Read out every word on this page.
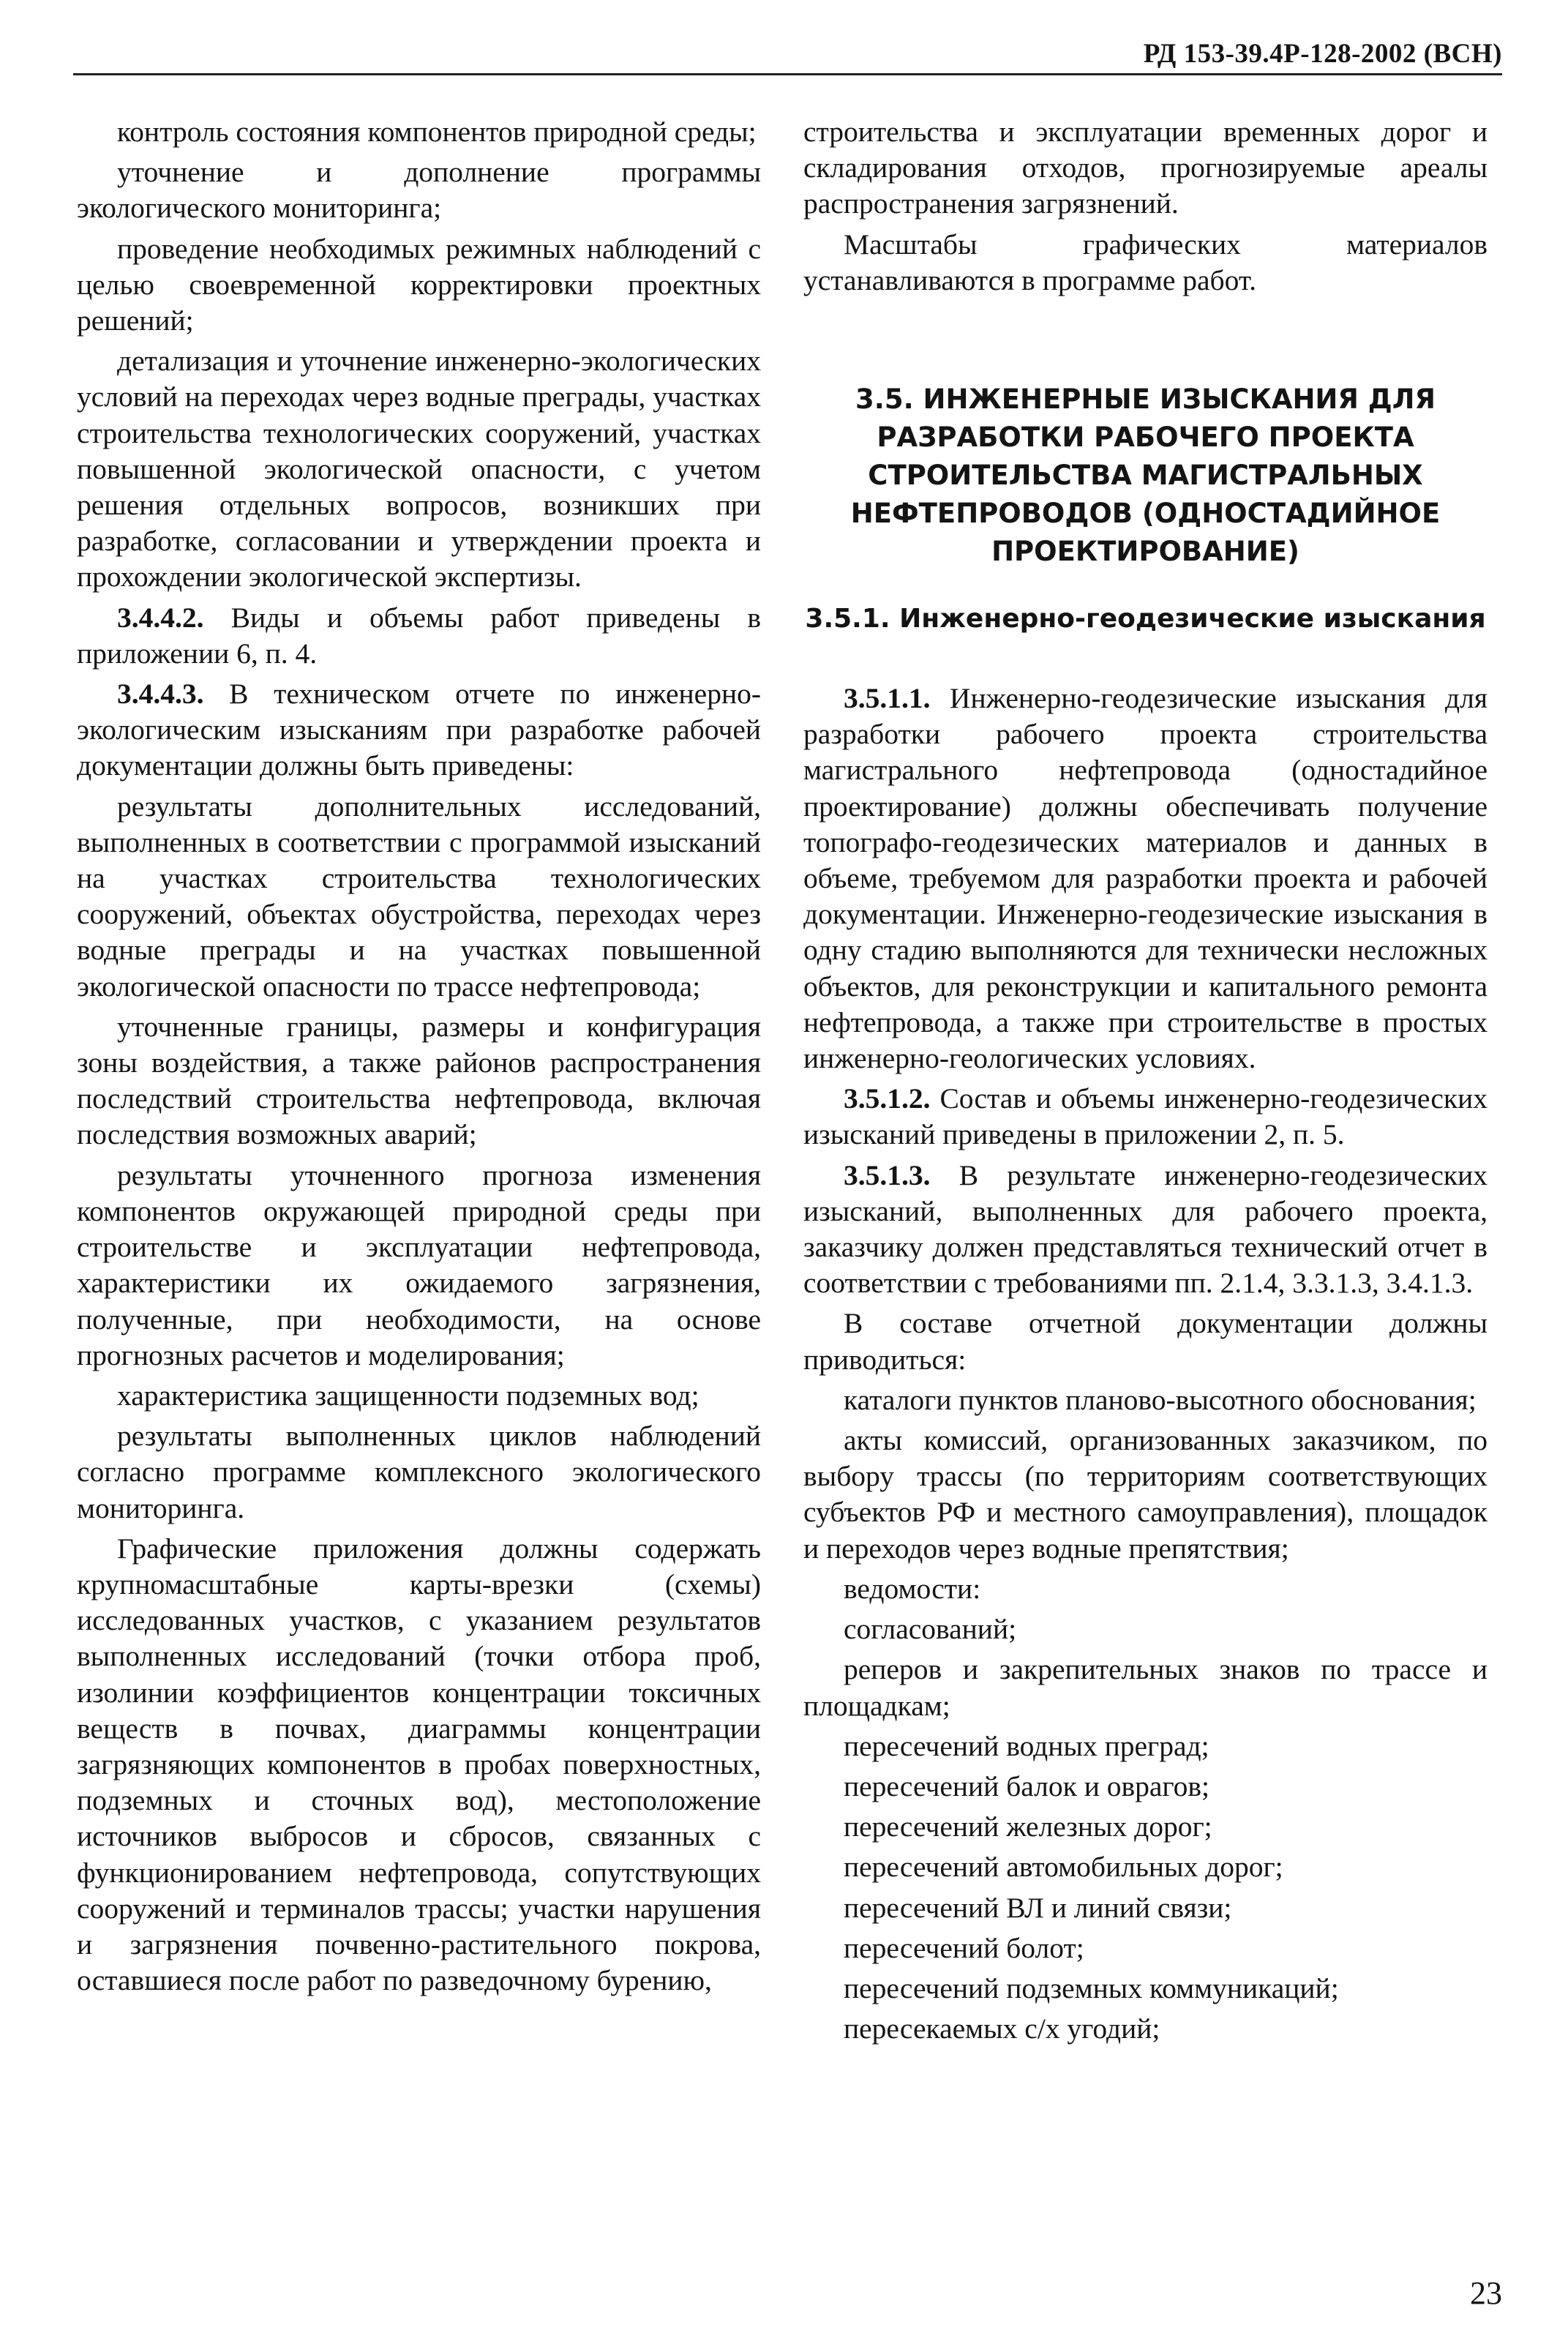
РД 153-39.4Р-128-2002 (ВСН)

контроль состояния компонентов природной среды;

уточнение и дополнение программы экологического мониторинга;

проведение необходимых режимных наблюдений с целью своевременной корректировки проектных решений;

детализация и уточнение инженерно-экологических условий на переходах через водные преграды, участках строительства технологических сооружений, участках повышенной экологической опасности, с учетом решения отдельных вопросов, возникших при разработке, согласовании и утверждении проекта и прохождении экологической экспертизы.

3.4.4.2. Виды и объемы работ приведены в приложении 6, п. 4.

3.4.4.3. В техническом отчете по инженерно-экологическим изысканиям при разработке рабочей документации должны быть приведены:

результаты дополнительных исследований, выполненных в соответствии с программой изысканий на участках строительства технологических сооружений, объектах обустройства, переходах через водные преграды и на участках повышенной экологической опасности по трассе нефтепровода;

уточненные границы, размеры и конфигурация зоны воздействия, а также районов распространения последствий строительства нефтепровода, включая последствия возможных аварий;

результаты уточненного прогноза изменения компонентов окружающей природной среды при строительстве и эксплуатации нефтепровода, характеристики их ожидаемого загрязнения, полученные, при необходимости, на основе прогнозных расчетов и моделирования;

характеристика защищенности подземных вод;

результаты выполненных циклов наблюдений согласно программе комплексного экологического мониторинга.

Графические приложения должны содержать крупномасштабные карты-врезки (схемы) исследованных участков, с указанием результатов выполненных исследований (точки отбора проб, изолинии коэффициентов концентрации токсичных веществ в почвах, диаграммы концентрации загрязняющих компонентов в пробах поверхностных, подземных и сточных вод), местоположение источников выбросов и сбросов, связанных с функционированием нефтепровода, сопутствующих сооружений и терминалов трассы; участки нарушения и загрязнения почвенно-растительного покрова, оставшиеся после работ по разведочному бурению,

строительства и эксплуатации временных дорог и складирования отходов, прогнозируемые ареалы распространения загрязнений.

Масштабы графических материалов устанавливаются в программе работ.

3.5. ИНЖЕНЕРНЫЕ ИЗЫСКАНИЯ ДЛЯ РАЗРАБОТКИ РАБОЧЕГО ПРОЕКТА СТРОИТЕЛЬСТВА МАГИСТРАЛЬНЫХ НЕФТЕПРОВОДОВ (ОДНОСТАДИЙНОЕ ПРОЕКТИРОВАНИЕ)
3.5.1. Инженерно-геодезические изыскания

3.5.1.1. Инженерно-геодезические изыскания для разработки рабочего проекта строительства магистрального нефтепровода (одностадийное проектирование) должны обеспечивать получение топографо-геодезических материалов и данных в объеме, требуемом для разработки проекта и рабочей документации. Инженерно-геодезические изыскания в одну стадию выполняются для технически несложных объектов, для реконструкции и капитального ремонта нефтепровода, а также при строительстве в простых инженерно-геологических условиях.

3.5.1.2. Состав и объемы инженерно-геодезических изысканий приведены в приложении 2, п. 5.

3.5.1.3. В результате инженерно-геодезических изысканий, выполненных для рабочего проекта, заказчику должен представляться технический отчет в соответствии с требованиями пп. 2.1.4, 3.3.1.3, 3.4.1.3.

В составе отчетной документации должны приводиться:

каталоги пунктов планово-высотного обоснования;

акты комиссий, организованных заказчиком, по выбору трассы (по территориям соответствующих субъектов РФ и местного самоуправления), площадок и переходов через водные препятствия;

ведомости:

согласований;

реперов и закрепительных знаков по трассе и площадкам;

пересечений водных преград;

пересечений балок и оврагов;

пересечений железных дорог;

пересечений автомобильных дорог;

пересечений ВЛ и линий связи;

пересечений болот;

пересечений подземных коммуникаций;

пересекаемых с/х угодий;

23
